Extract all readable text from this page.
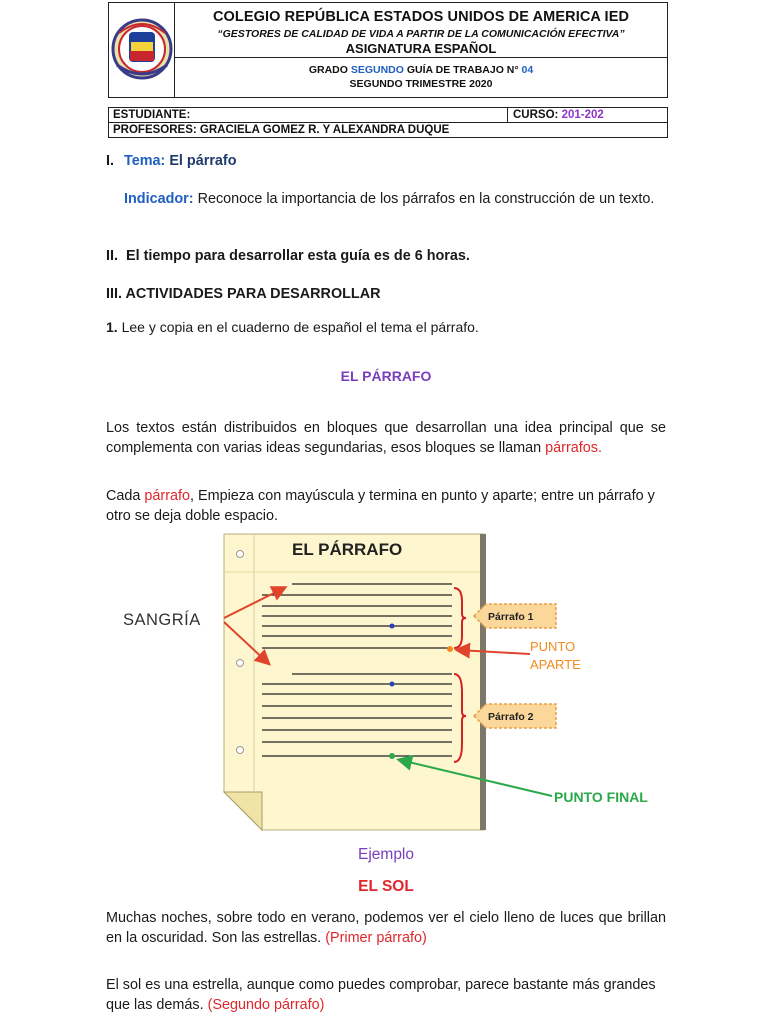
COLEGIO REPÚBLICA ESTADOS UNIDOS DE AMERICA IED
“GESTORES DE CALIDAD DE VIDA A PARTIR DE LA COMUNICACIÓN EFECTIVA”
ASIGNATURA ESPAÑOL
GRADO SEGUNDO GUÍA DE TRABAJO N° 04
SEGUNDO TRIMESTRE 2020
ESTUDIANTE:	CURSO: 201-202
PROFESORES: GRACIELA GOMEZ R. Y ALEXANDRA DUQUE
I. Tema: El párrafo
Indicador: Reconoce la importancia de los párrafos en la construcción de un texto.
II. El tiempo para desarrollar esta guía es de 6 horas.
III. ACTIVIDADES PARA DESARROLLAR
1. Lee y copia en el cuaderno de español el tema el párrafo.
EL PÁRRAFO
Los textos están distribuidos en bloques que desarrollan una idea principal que se complementa con varias ideas segundarias, esos bloques se llaman párrafos.
Cada párrafo, Empieza con mayúscula y termina en punto y aparte; entre un párrafo y otro se deja doble espacio.
EL PÁRRAFO
SANGRÍA	Párrafo 1
Párrafo 2
PUNTO
APARTE
PUNTO FINAL
Ejemplo
EL SOL
Muchas noches, sobre todo en verano, podemos ver el cielo lleno de luces que brillan en la oscuridad. Son las estrellas. (Primer párrafo)
El sol es una estrella, aunque como puedes comprobar, parece bastante más grandes que las demás. (Segundo párrafo)
